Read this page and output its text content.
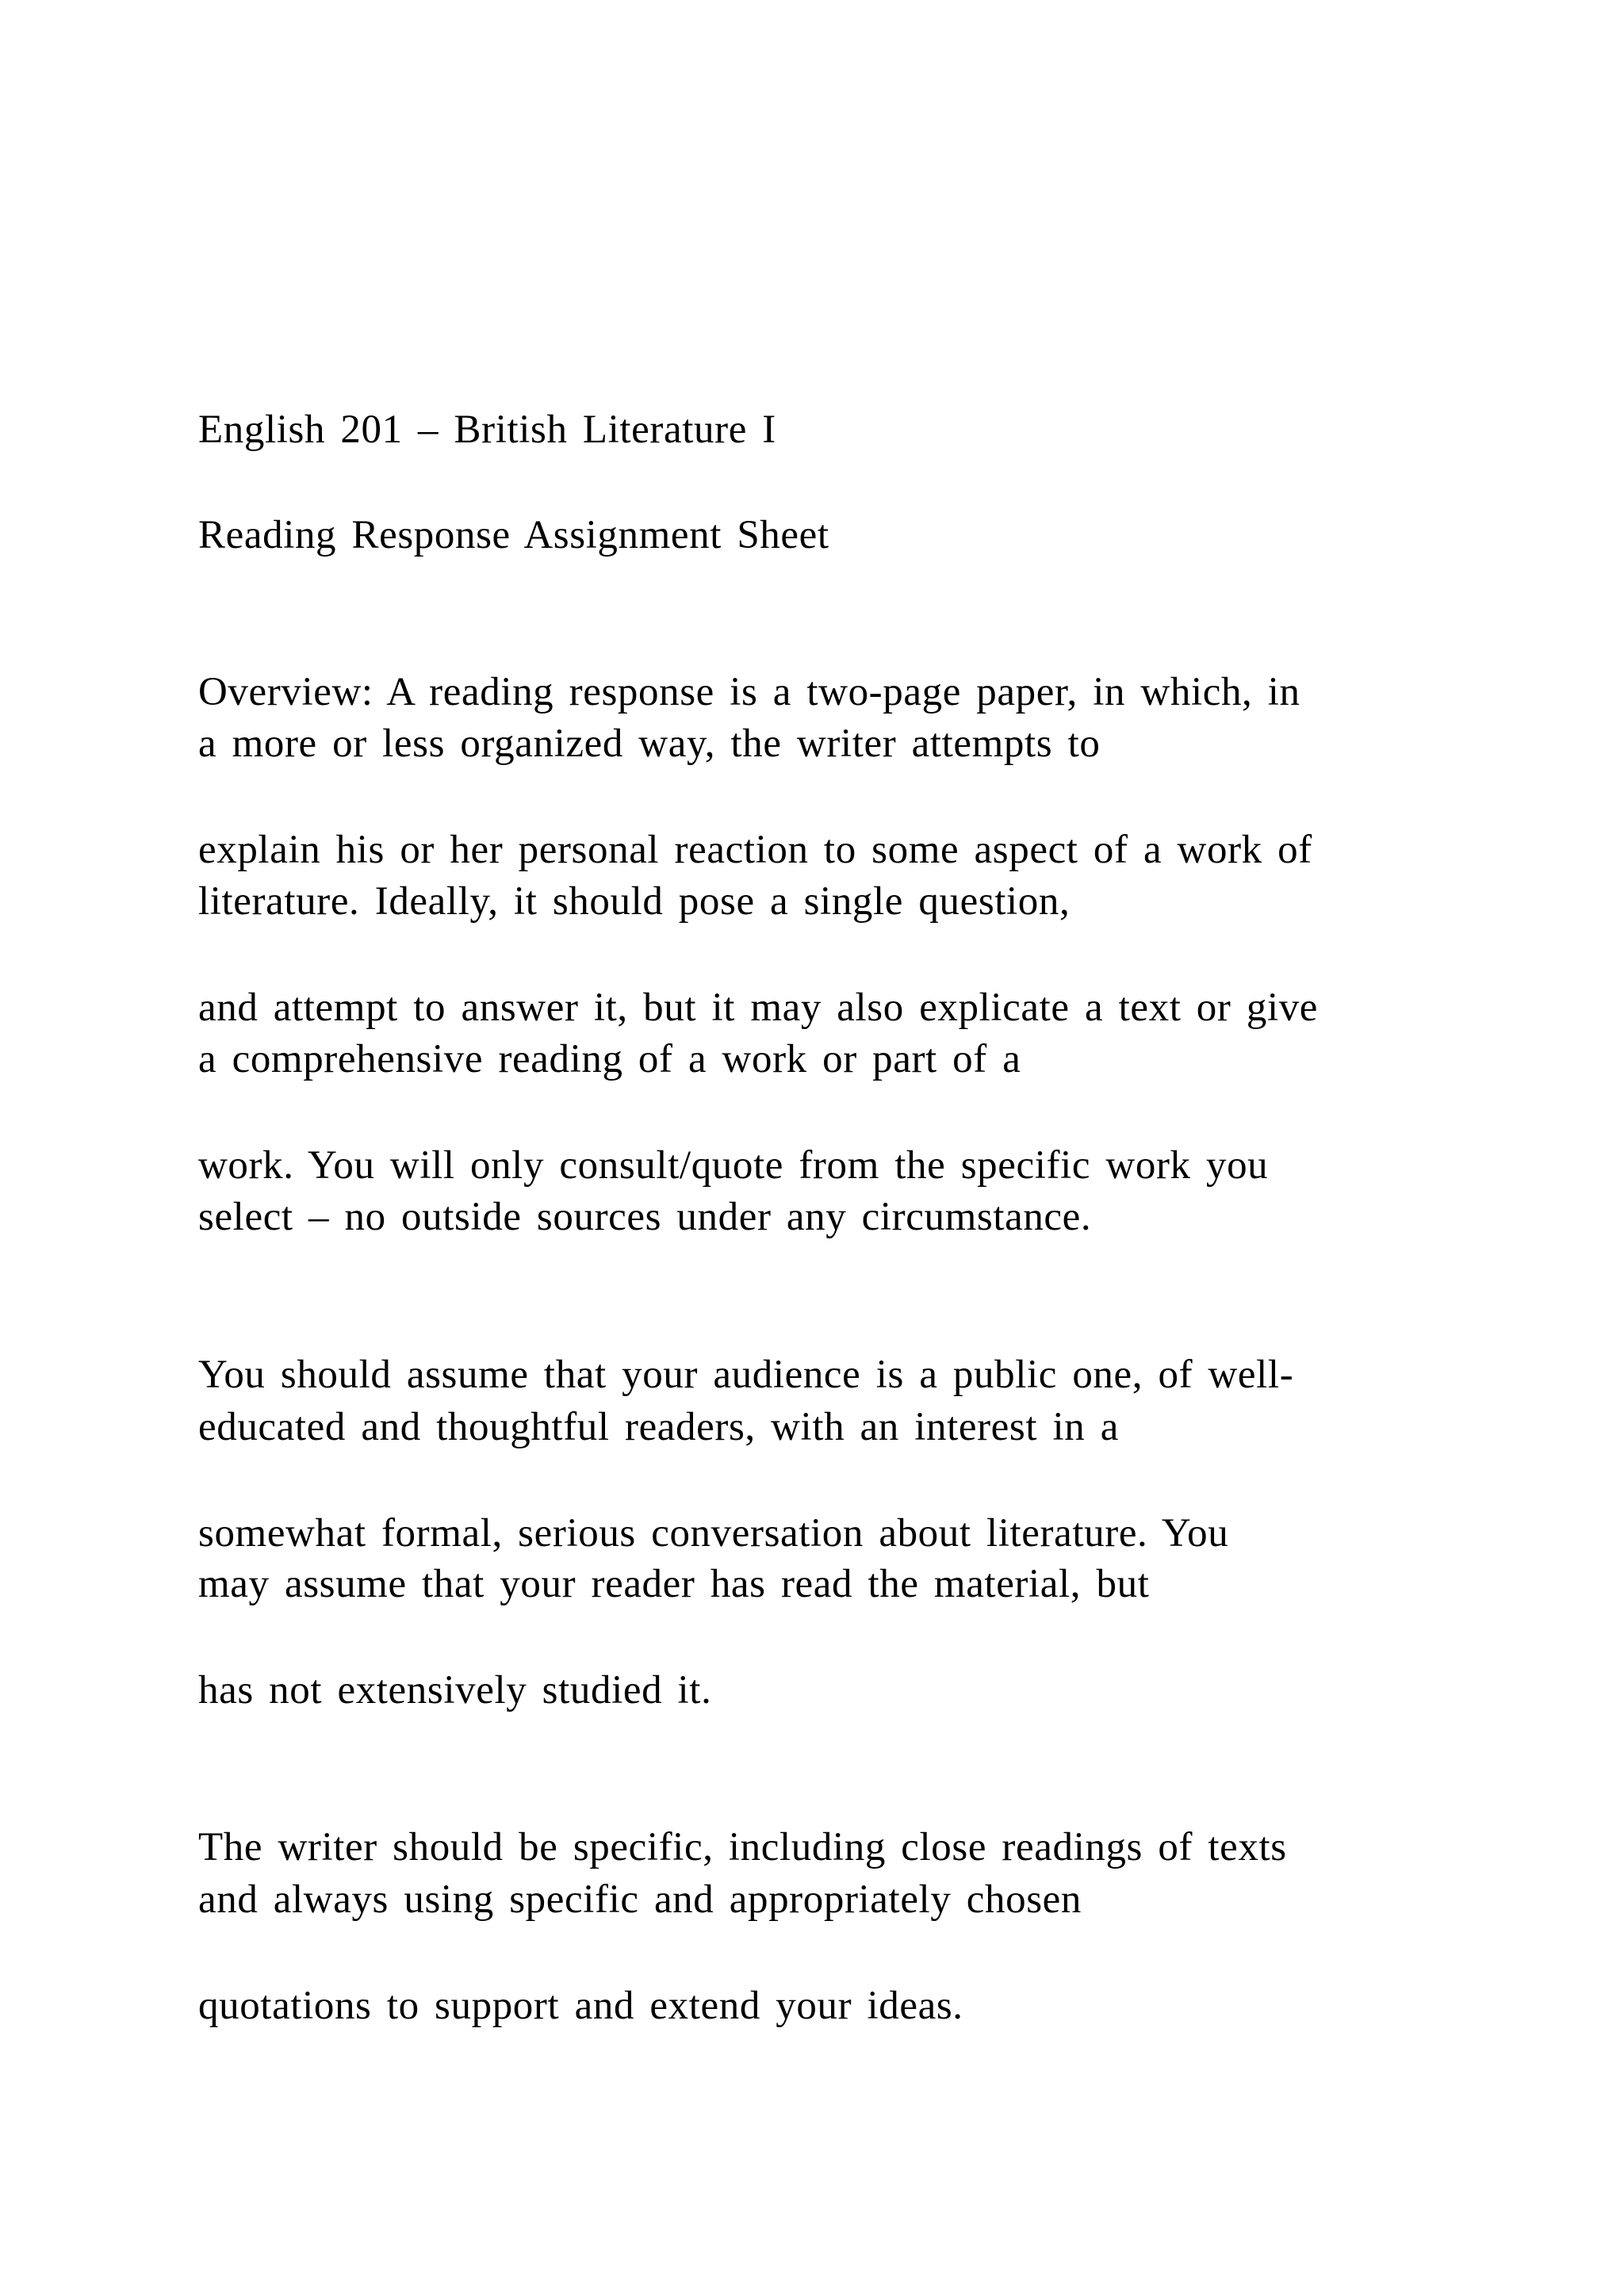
English 201 – British Literature I
Reading Response Assignment Sheet
Overview: A reading response is a two-page paper, in which, in
a more or less organized way, the writer attempts to
explain his or her personal reaction to some aspect of a work of
literature. Ideally, it should pose a single question,
and attempt to answer it, but it may also explicate a text or give
a comprehensive reading of a work or part of a
work. You will only consult/quote from the specific work you
select – no outside sources under any circumstance.
You should assume that your audience is a public one, of well-
educated and thoughtful readers, with an interest in a
somewhat formal, serious conversation about literature. You
may assume that your reader has read the material, but
has not extensively studied it.
The writer should be specific, including close readings of texts
and always using specific and appropriately chosen
quotations to support and extend your ideas.
